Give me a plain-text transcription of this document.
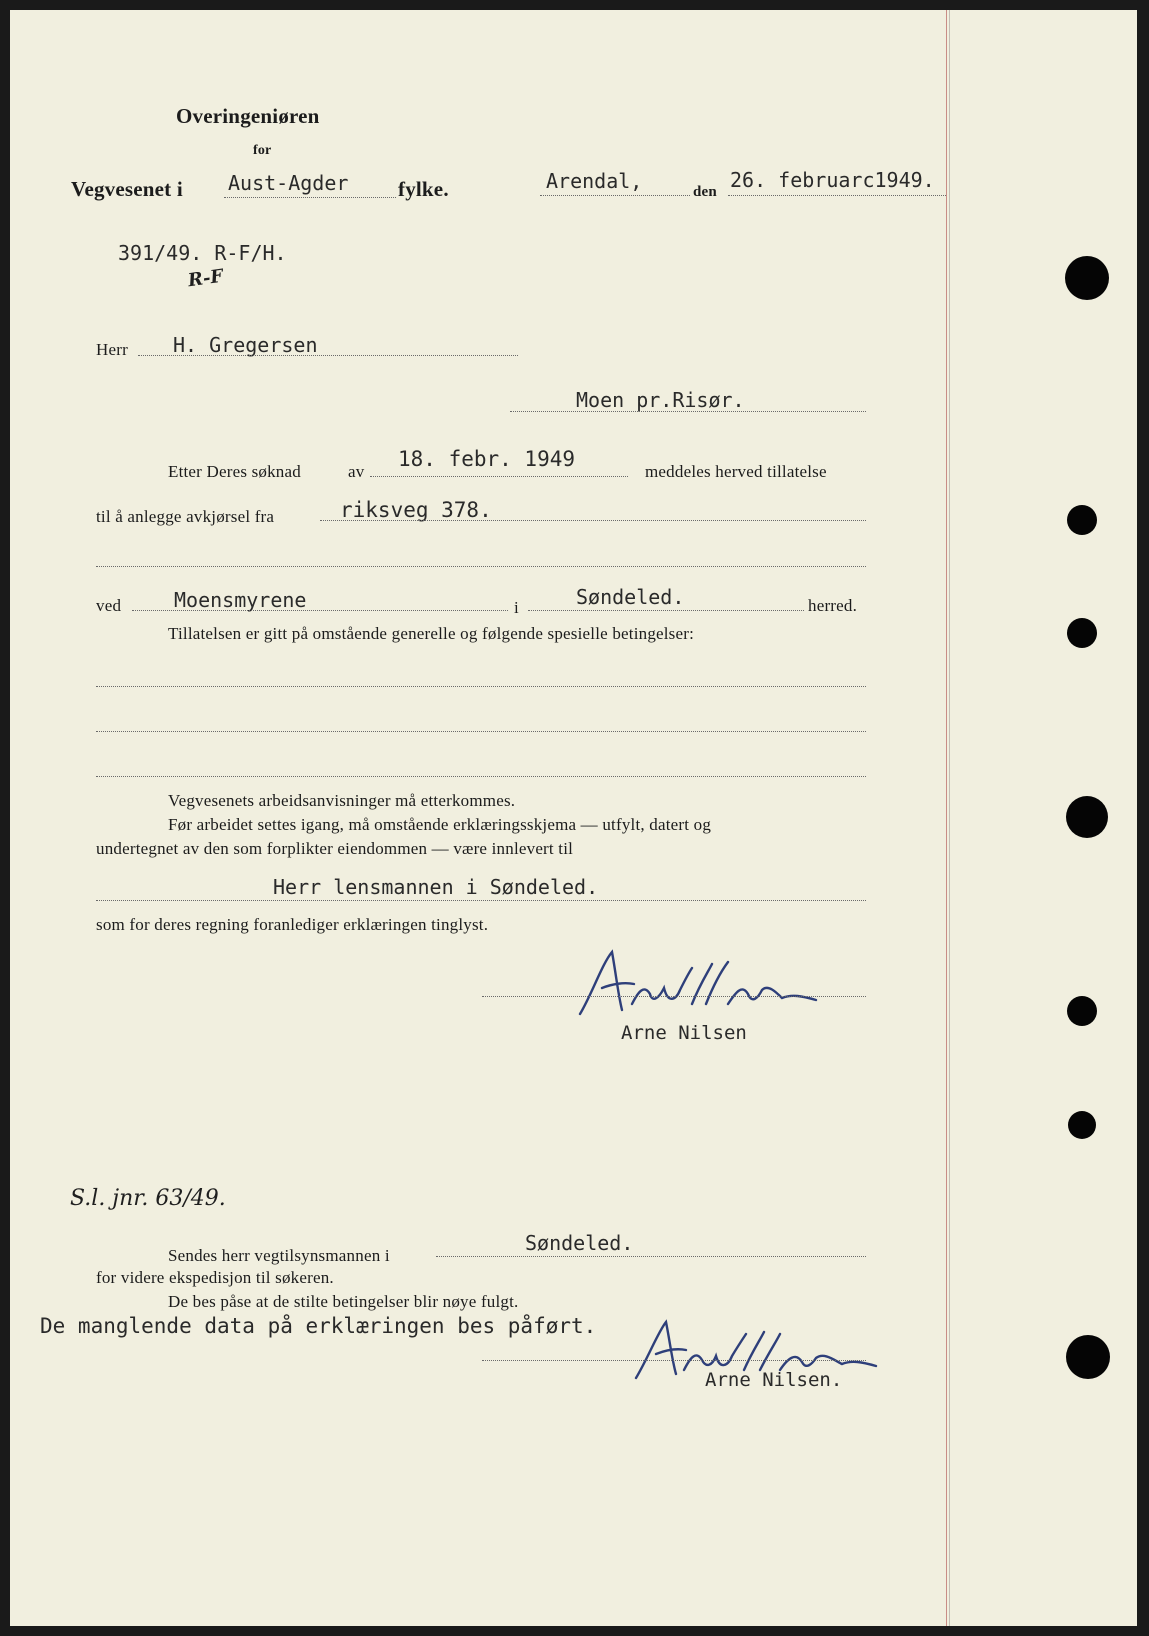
Overingeniøren
for
Vegvesenet i Aust-Agder fylke.	Arendal,	den 26. februarc1949.
391/49. R-F/H.
R-F
Herr H. Gregersen
Moen pr.Risør.
Etter Deres søknad	av
18. febr. 1949
meddeles herved tillatelse
til å anlegge avkjørsel fra	riksveg 378.
ved	Moensmyrene	i	Søndeled.	herred.
Tillatelsen er gitt på omstående generelle og følgende spesielle betingelser:
Vegvesenets arbeidsanvisninger må etterkommes.
Før arbeidet settes igang, må omstående erklæringsskjema — utfylt, datert og
undertegnet av den som forplikter eiendommen — være innlevert til
Herr lensmannen i Søndeled.
som for deres regning foranlediger erklæringen tinglyst.
Arne Nilsen
S.l. jnr. 63/49.
Sendes herr vegtilsynsmannen i
Søndeled.
for videre ekspedisjon til søkeren.
De bes påse at de stilte betingelser blir nøye fulgt.
De manglende data på erklæringen bes påført.
Arne Nilsen.
